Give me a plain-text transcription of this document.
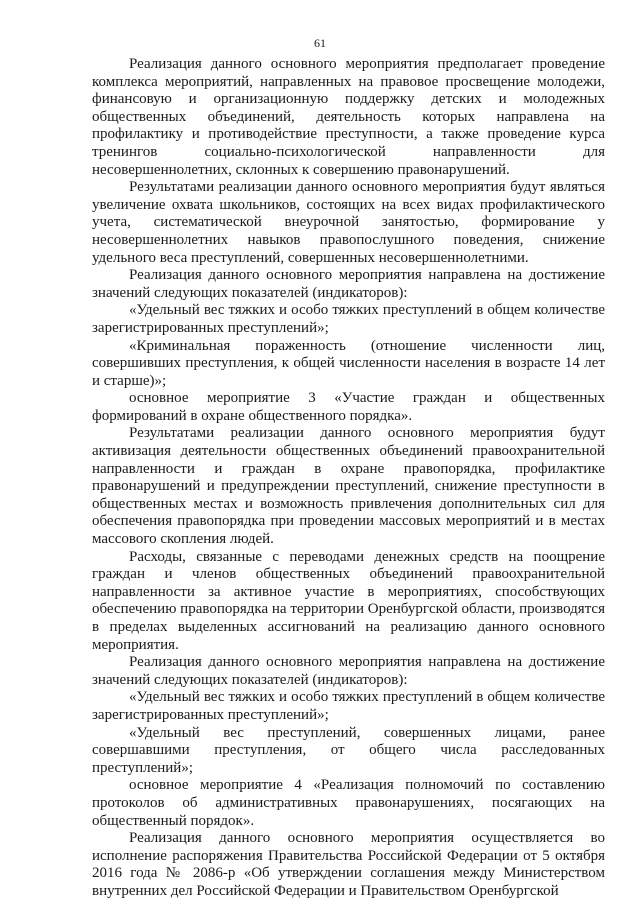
61

Реализация данного основного мероприятия предполагает проведение комплекса мероприятий, направленных на правовое просвещение молодежи, финансовую и организационную поддержку детских и молодежных общественных объединений, деятельность которых направлена на профилактику и противодействие преступности, а также проведение курса тренингов социально-психологической направленности для несовершеннолетних, склонных к совершению правонарушений.

Результатами реализации данного основного мероприятия будут являться увеличение охвата школьников, состоящих на всех видах профилактического учета, систематической внеурочной занятостью, формирование у несовершеннолетних навыков правопослушного поведения, снижение удельного веса преступлений, совершенных несовершеннолетними.

Реализация данного основного мероприятия направлена на достижение значений следующих показателей (индикаторов):

«Удельный вес тяжких и особо тяжких преступлений в общем количестве зарегистрированных преступлений»;

«Криминальная пораженность (отношение численности лиц, совершивших преступления, к общей численности населения в возрасте 14 лет и старше)»;

основное мероприятие 3 «Участие граждан и общественных формирований в охране общественного порядка».

Результатами реализации данного основного мероприятия будут активизация деятельности общественных объединений правоохранительной направленности и граждан в охране правопорядка, профилактике правонарушений и предупреждении преступлений, снижение преступности в общественных местах и возможность привлечения дополнительных сил для обеспечения правопорядка при проведении массовых мероприятий и в местах массового скопления людей.

Расходы, связанные с переводами денежных средств на поощрение граждан и членов общественных объединений правоохранительной направленности за активное участие в мероприятиях, способствующих обеспечению правопорядка на территории Оренбургской области, производятся в пределах выделенных ассигнований на реализацию данного основного мероприятия.

Реализация данного основного мероприятия направлена на достижение значений следующих показателей (индикаторов):

«Удельный вес тяжких и особо тяжких преступлений в общем количестве зарегистрированных преступлений»;

«Удельный вес преступлений, совершенных лицами, ранее совершавшими преступления, от общего числа расследованных преступлений»;

основное мероприятие 4 «Реализация полномочий по составлению протоколов об административных правонарушениях, посягающих на общественный порядок».

Реализация данного основного мероприятия осуществляется во исполнение распоряжения Правительства Российской Федерации от 5 октября 2016 года № 2086-р «Об утверждении соглашения между Министерством внутренних дел Российской Федерации и Правительством Оренбургской
